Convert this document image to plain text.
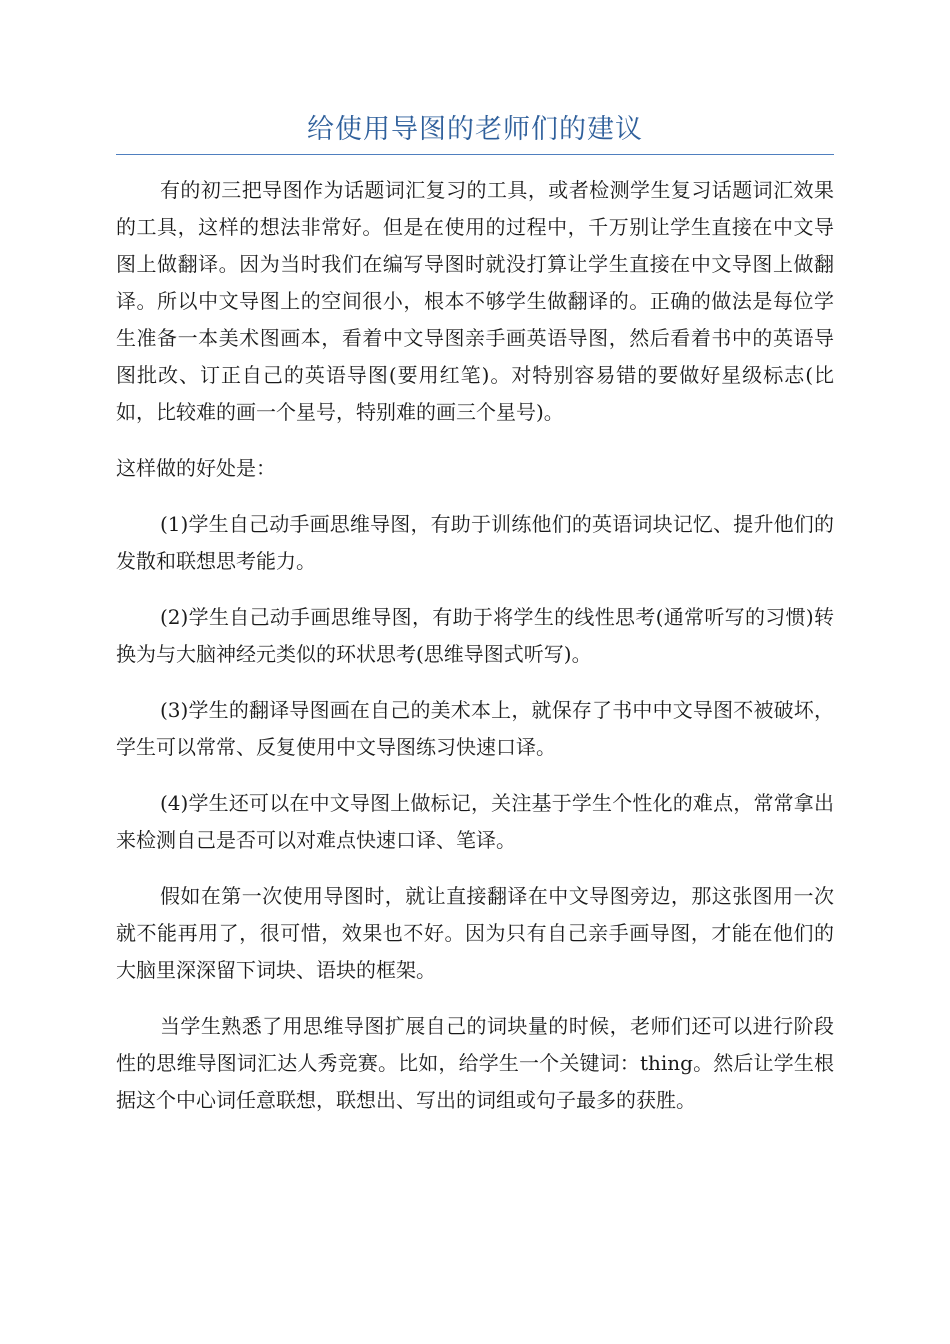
给使用导图的老师们的建议

有的初三把导图作为话题词汇复习的工具，或者检测学生复习话题词汇效果的工具，这样的想法非常好。但是在使用的过程中，千万别让学生直接在中文导图上做翻译。因为当时我们在编写导图时就没打算让学生直接在中文导图上做翻译。所以中文导图上的空间很小，根本不够学生做翻译的。正确的做法是每位学生准备一本美术图画本，看着中文导图亲手画英语导图，然后看着书中的英语导图批改、订正自己的英语导图(要用红笔)。对特别容易错的要做好星级标志(比如，比较难的画一个星号，特别难的画三个星号)。

这样做的好处是：

(1)学生自己动手画思维导图，有助于训练他们的英语词块记忆、提升他们的发散和联想思考能力。

(2)学生自己动手画思维导图，有助于将学生的线性思考(通常听写的习惯)转换为与大脑神经元类似的环状思考(思维导图式听写)。

(3)学生的翻译导图画在自己的美术本上，就保存了书中中文导图不被破坏，学生可以常常、反复使用中文导图练习快速口译。

(4)学生还可以在中文导图上做标记，关注基于学生个性化的难点，常常拿出来检测自己是否可以对难点快速口译、笔译。

假如在第一次使用导图时，就让直接翻译在中文导图旁边，那这张图用一次就不能再用了，很可惜，效果也不好。因为只有自己亲手画导图，才能在他们的大脑里深深留下词块、语块的框架。

当学生熟悉了用思维导图扩展自己的词块量的时候，老师们还可以进行阶段性的思维导图词汇达人秀竞赛。比如，给学生一个关键词：thing。然后让学生根据这个中心词任意联想，联想出、写出的词组或句子最多的获胜。
